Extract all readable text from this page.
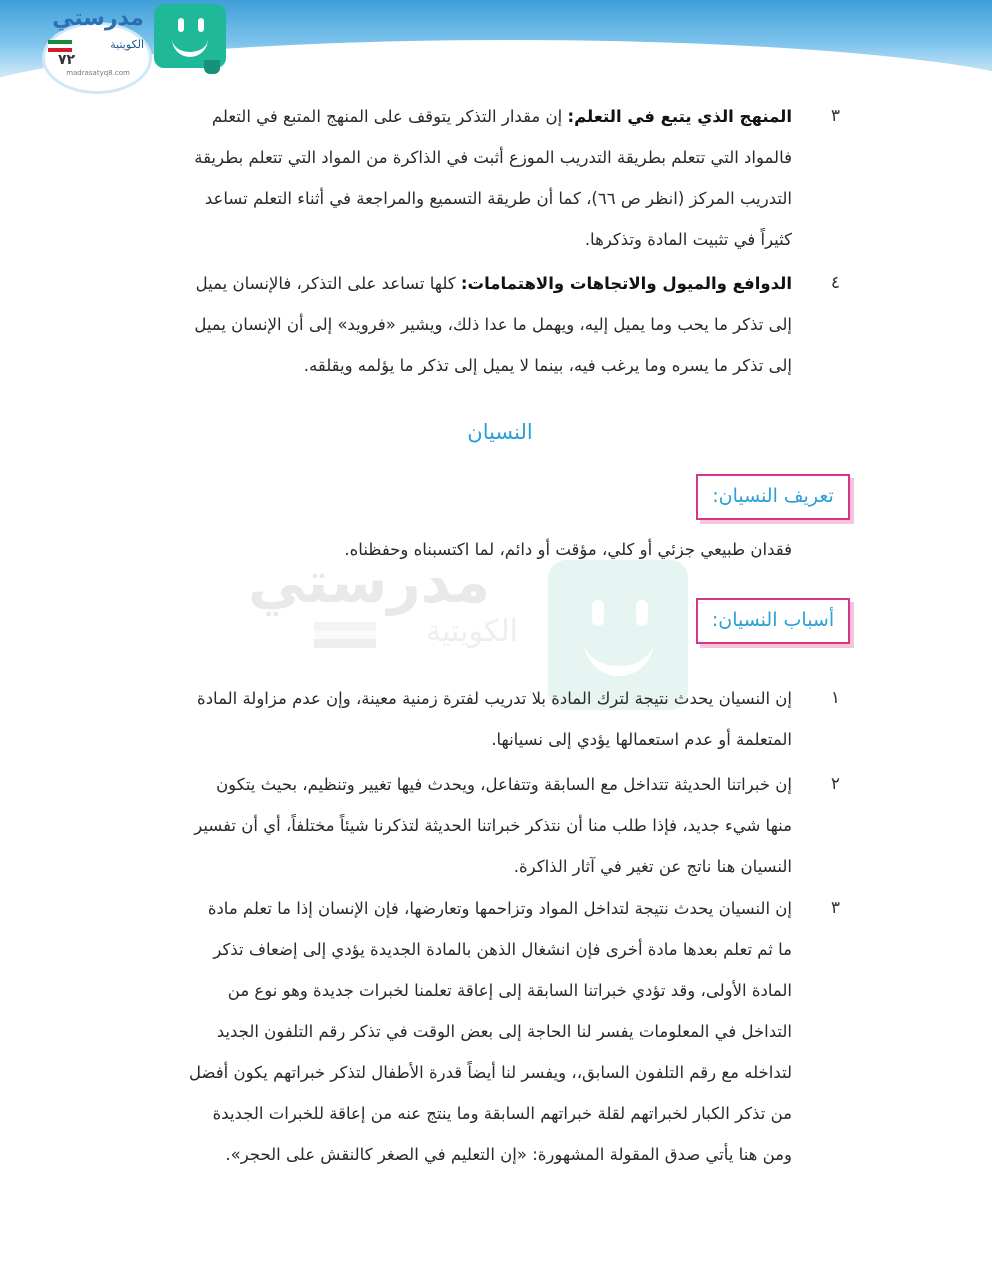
مدرستي
الكويتية
٧٢
madrasatyq8.com
مدرستي
الكويتية
٣
المنهج الذي يتبع في التعلم: إن مقدار التذكر يتوقف على المنهج المتبع في التعلم
فالمواد التي تتعلم بطريقة التدريب الموزع أثبت في الذاكرة من المواد التي تتعلم بطريقة
التدريب المركز (انظر ص ٦٦)، كما أن طريقة التسميع والمراجعة في أثناء التعلم تساعد
كثيراً في تثبيت المادة وتذكرها.
٤
الدوافع والميول والاتجاهات والاهتمامات: كلها تساعد على التذكر، فالإنسان يميل
إلى تذكر ما يحب وما يميل إليه، ويهمل ما عدا ذلك، ويشير «فرويد» إلى أن الإنسان يميل
إلى تذكر ما يسره وما يرغب فيه، بينما لا يميل إلى تذكر ما يؤلمه ويقلقه.
النسيان
تعريف النسيان:
فقدان طبيعي جزئي أو كلي، مؤقت أو دائم، لما اكتسبناه وحفظناه.
أسباب النسيان:
١
إن النسيان يحدث نتيجة لترك المادة بلا تدريب لفترة زمنية معينة، وإن عدم مزاولة المادة
المتعلمة أو عدم استعمالها يؤدي إلى نسيانها.
٢
إن خبراتنا الحديثة تتداخل مع السابقة وتتفاعل، ويحدث فيها تغيير وتنظيم، بحيث يتكون
منها شيء جديد، فإذا طلب منا أن نتذكر خبراتنا الحديثة لتذكرنا شيئاً مختلفاً، أي أن تفسير
النسيان هنا ناتج عن تغير في آثار الذاكرة.
٣
إن النسيان يحدث نتيجة لتداخل المواد وتزاحمها وتعارضها، فإن الإنسان إذا ما تعلم مادة
ما ثم تعلم بعدها مادة أخرى فإن انشغال الذهن بالمادة الجديدة يؤدي إلى إضعاف تذكر
المادة الأولى، وقد تؤدي خبراتنا السابقة إلى إعاقة تعلمنا لخبرات جديدة وهو نوع من
التداخل في المعلومات يفسر لنا الحاجة إلى بعض الوقت في تذكر رقم التلفون الجديد
لتداخله مع رقم التلفون السابق،، ويفسر لنا أيضاً قدرة الأطفال لتذكر خبراتهم يكون أفضل
من تذكر الكبار لخبراتهم لقلة خبراتهم السابقة وما ينتج عنه من إعاقة للخبرات الجديدة
ومن هنا يأتي صدق المقولة المشهورة: «إن التعليم في الصغر كالنقش على الحجر».
